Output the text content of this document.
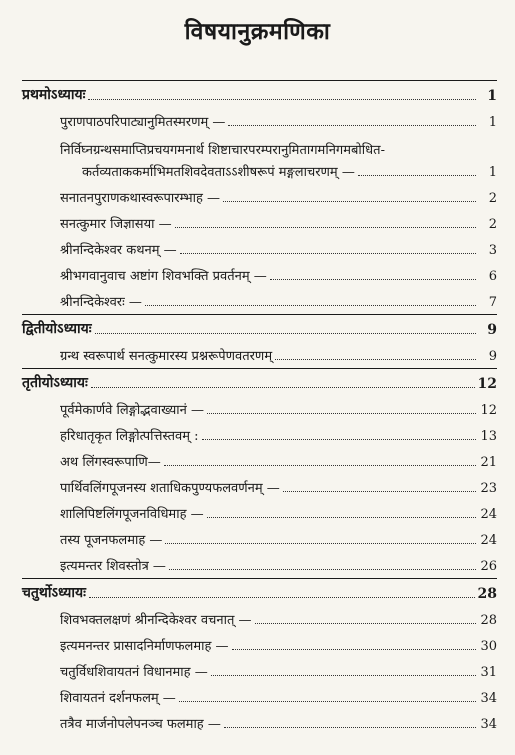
विषयानुक्रमणिका
प्रथमोऽध्यायः	1
पुराणपाठपरिपाट्यानुमितस्मरणम् —	1
निर्विघ्नग्रन्थसमाप्तिप्रचयगमनार्थ शिष्टाचारपरम्परानुमितागमनिगमबोधित-
कर्तव्यताककर्माभिमतशिवदेवताऽऽशीषरूपं मङ्गलाचरणम् —	1
सनातनपुराणकथास्वरूपारम्भाह —	2
सनत्कुमार जिज्ञासया —	2
श्रीनन्दिकेश्वर कथनम् —	3
श्रीभगवानुवाच अष्टांग शिवभक्ति प्रवर्तनम् —	6
श्रीनन्दिकेश्वरः —	7
द्वितीयोऽध्यायः	9
ग्रन्थ स्वरूपार्थ सनत्कुमारस्य प्रश्नरूपेणवतरणम्	9
तृतीयोऽध्यायः	12
पूर्वमेकार्णवे लिङ्गोद्भवाख्यानं —	12
हरिधातृकृत लिङ्गोत्पत्तिस्तवम् :	13
अथ लिंगस्वरूपाणि—	21
पार्थिवलिंगपूजनस्य शताधिकपुण्यफलवर्णनम् —	23
शालिपिष्टलिंगपूजनविधिमाह —	24
तस्य पूजनफलमाह —	24
इत्यमन्तर शिवस्तोत्र —	26
चतुर्थोऽध्यायः	28
शिवभक्तलक्षणं श्रीनन्दिकेश्वर वचनात् —	28
इत्यमनन्तर प्रासादनिर्माणफलमाह —	30
चतुर्विधशिवायतनं विधानमाह —	31
शिवायतनं दर्शनफलम् —	34
तत्रैव मार्जनोपलेपनञ्च फलमाह —	34
